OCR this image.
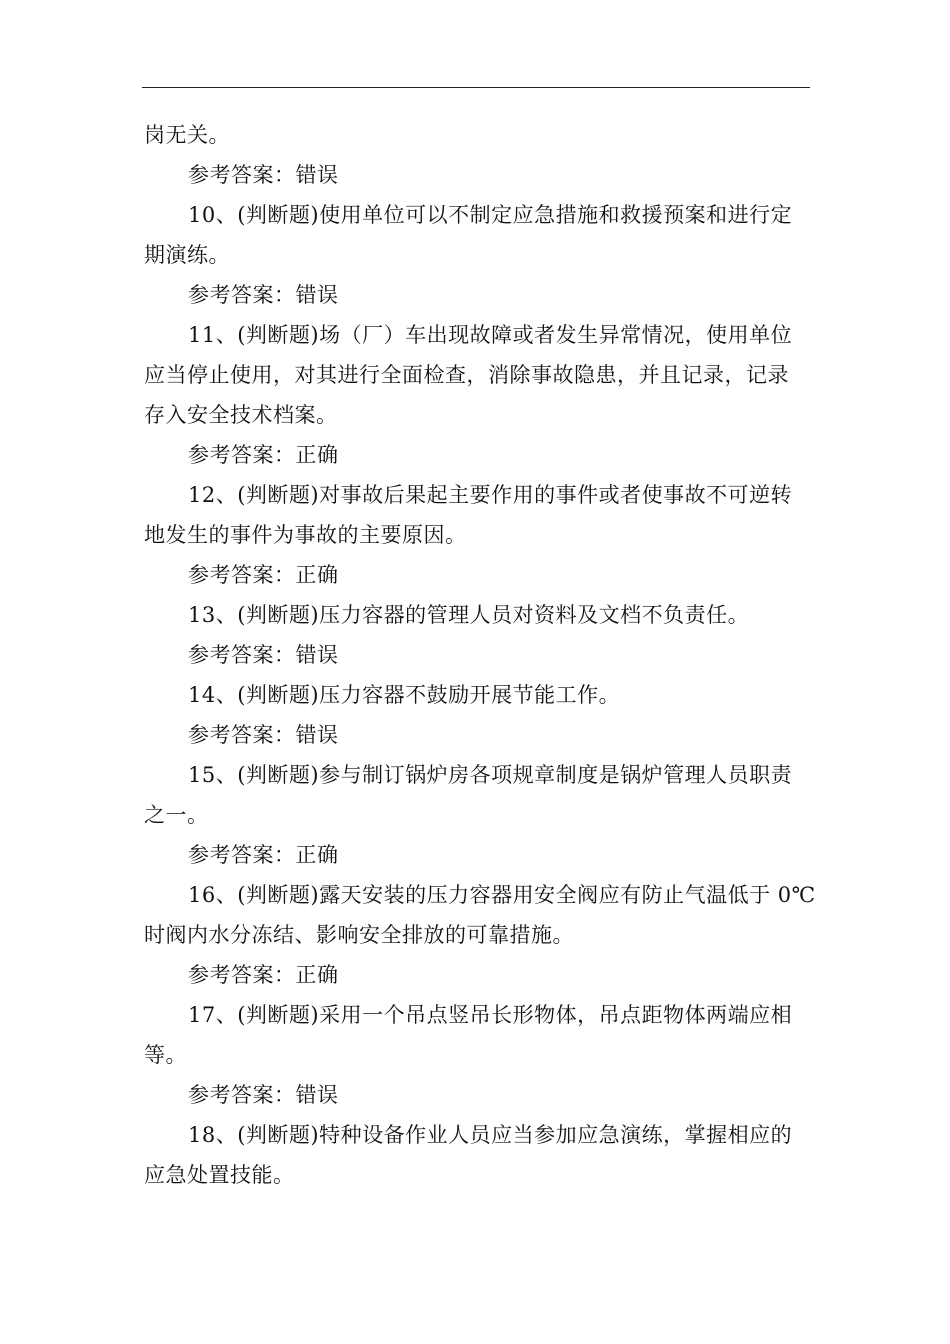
岗无关。
参考答案：错误
10、(判断题)使用单位可以不制定应急措施和救援预案和进行定
期演练。
参考答案：错误
11、(判断题)场（厂）车出现故障或者发生异常情况，使用单位
应当停止使用，对其进行全面检查，消除事故隐患，并且记录，记录
存入安全技术档案。
参考答案：正确
12、(判断题)对事故后果起主要作用的事件或者使事故不可逆转
地发生的事件为事故的主要原因。
参考答案：正确
13、(判断题)压力容器的管理人员对资料及文档不负责任。
参考答案：错误
14、(判断题)压力容器不鼓励开展节能工作。
参考答案：错误
15、(判断题)参与制订锅炉房各项规章制度是锅炉管理人员职责
之一。
参考答案：正确
16、(判断题)露天安装的压力容器用安全阀应有防止气温低于 0℃
时阀内水分冻结、影响安全排放的可靠措施。
参考答案：正确
17、(判断题)采用一个吊点竖吊长形物体，吊点距物体两端应相
等。
参考答案：错误
18、(判断题)特种设备作业人员应当参加应急演练，掌握相应的
应急处置技能。
